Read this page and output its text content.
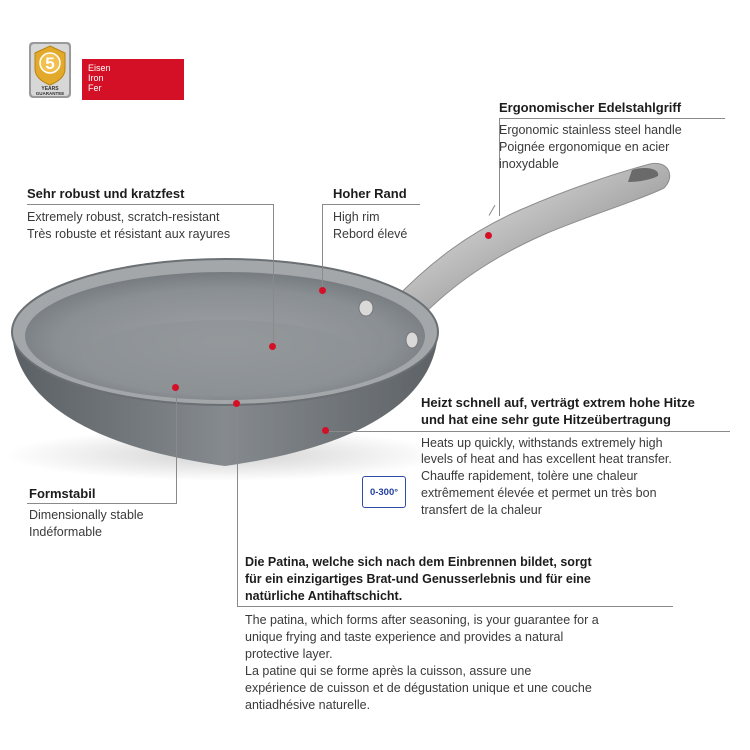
5
YEARS
GUARANTEE
Eisen
Iron
Fer
Ergonomischer Edelstahlgriff
Ergonomic stainless steel handle
Poignée ergonomique en acier
inoxydable
Sehr robust und kratzfest
Extremely robust, scratch-resistant
Très robuste et résistant aux rayures
Hoher Rand
High rim
Rebord élevé
Heizt schnell auf, verträgt extrem hohe Hitze
und hat eine sehr gute Hitzeübertragung
Heats up quickly, withstands extremely high
levels of heat and has excellent heat transfer.
Chauffe rapidement, tolère une chaleur
extrêmement élevée et permet un très bon
transfert de la chaleur
0-300°
Formstabil
Dimensionally stable
Indéformable
Die Patina, welche sich nach dem Einbrennen bildet, sorgt
für ein einzigartiges Brat-und Genusserlebnis und für eine
natürliche Antihaftschicht.
The patina, which forms after seasoning, is your guarantee for a
unique frying and taste experience and provides a natural
protective layer.
La patine qui se forme après la cuisson, assure une
expérience de cuisson et de dégustation unique et une couche
antiadhésive naturelle.
